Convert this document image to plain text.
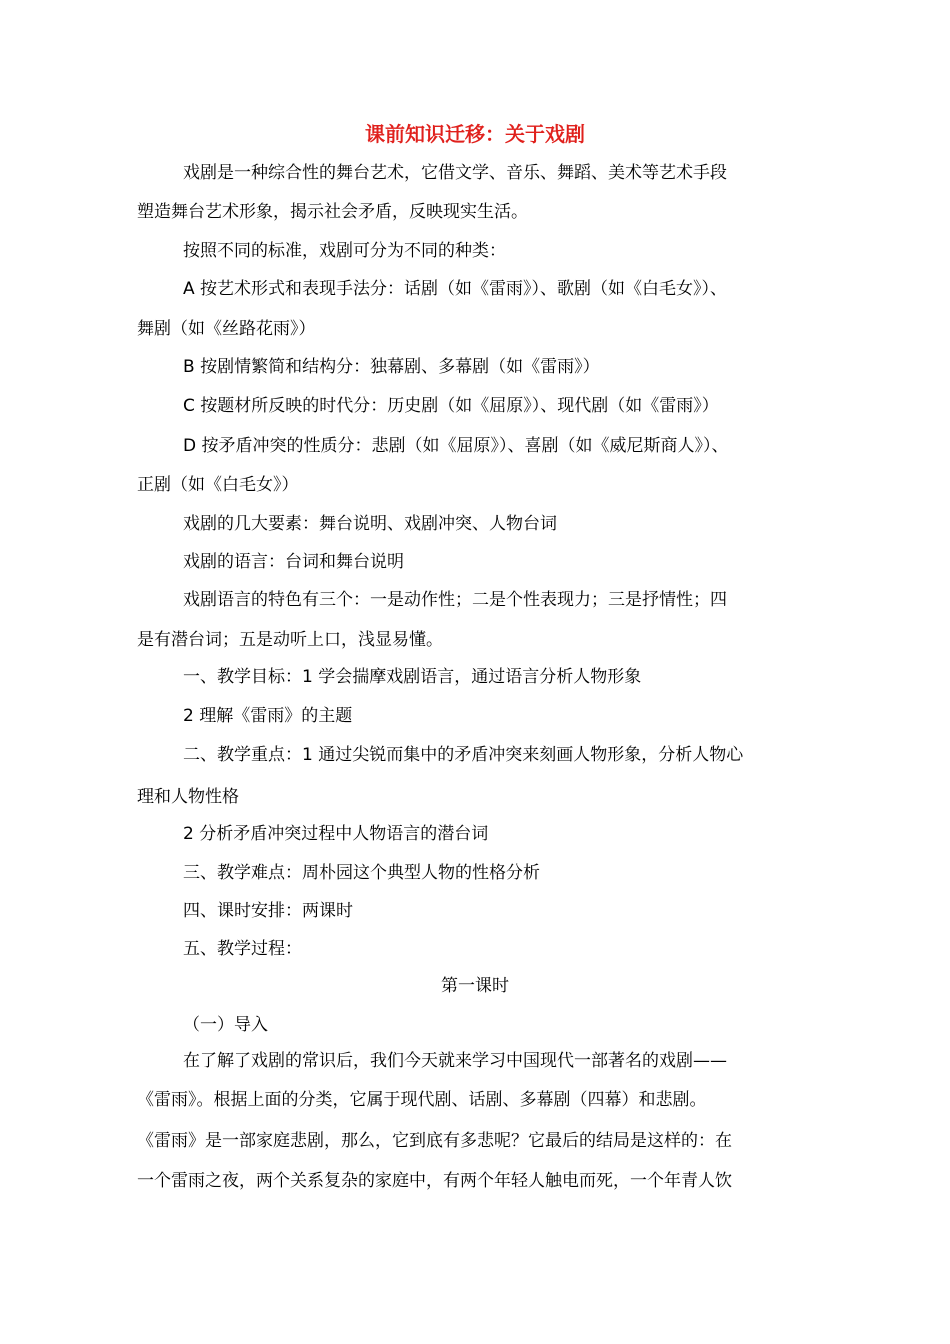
课前知识迁移：关于戏剧
戏剧是一种综合性的舞台艺术，它借文学、音乐、舞蹈、美术等艺术手段
塑造舞台艺术形象，揭示社会矛盾，反映现实生活。
按照不同的标准，戏剧可分为不同的种类：
A 按艺术形式和表现手法分：话剧（如《雷雨》）、歌剧（如《白毛女》）、
舞剧（如《丝路花雨》）
B 按剧情繁简和结构分：独幕剧、多幕剧（如《雷雨》）
C 按题材所反映的时代分：历史剧（如《屈原》）、现代剧（如《雷雨》）
D 按矛盾冲突的性质分：悲剧（如《屈原》）、喜剧（如《威尼斯商人》）、
正剧（如《白毛女》）
戏剧的几大要素：舞台说明、戏剧冲突、人物台词
戏剧的语言：台词和舞台说明
戏剧语言的特色有三个：一是动作性；二是个性表现力；三是抒情性；四
是有潜台词；五是动听上口，浅显易懂。
一、教学目标：1 学会揣摩戏剧语言，通过语言分析人物形象
2 理解《雷雨》的主题
二、教学重点：1 通过尖锐而集中的矛盾冲突来刻画人物形象，分析人物心
理和人物性格
2 分析矛盾冲突过程中人物语言的潜台词
三、教学难点：周朴园这个典型人物的性格分析
四、课时安排：两课时
五、教学过程：
第一课时
（一）导入
在了解了戏剧的常识后，我们今天就来学习中国现代一部著名的戏剧——
《雷雨》。根据上面的分类，它属于现代剧、话剧、多幕剧（四幕）和悲剧。
《雷雨》是一部家庭悲剧，那么，它到底有多悲呢？它最后的结局是这样的：在
一个雷雨之夜，两个关系复杂的家庭中，有两个年轻人触电而死，一个年青人饮
